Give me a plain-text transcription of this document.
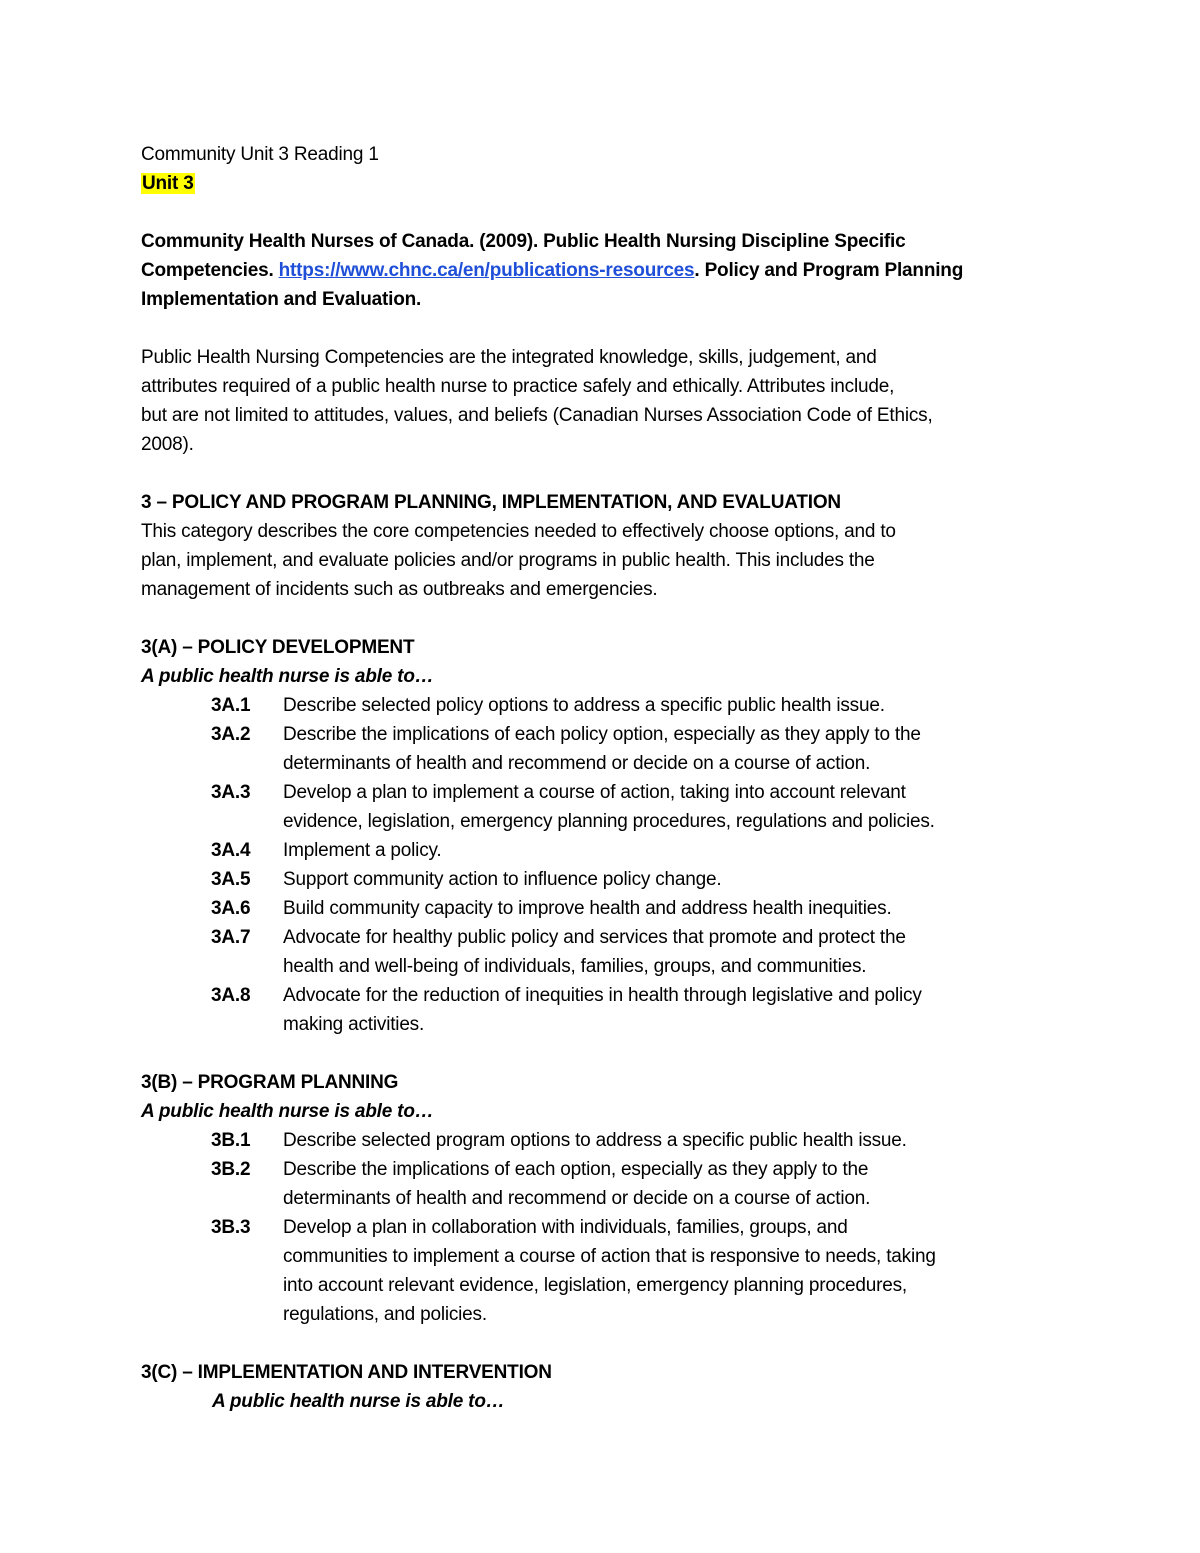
Community Unit 3 Reading 1
Unit 3
Community Health Nurses of Canada. (2009). Public Health Nursing Discipline Specific
Competencies. https://www.chnc.ca/en/publications-resources. Policy and Program Planning
Implementation and Evaluation.
Public Health Nursing Competencies are the integrated knowledge, skills, judgement, and
attributes required of a public health nurse to practice safely and ethically. Attributes include,
but are not limited to attitudes, values, and beliefs (Canadian Nurses Association Code of Ethics,
2008).
3 – POLICY AND PROGRAM PLANNING, IMPLEMENTATION, AND EVALUATION
This category describes the core competencies needed to effectively choose options, and to
plan, implement, and evaluate policies and/or programs in public health. This includes the
management of incidents such as outbreaks and emergencies.
3(A) – POLICY DEVELOPMENT
A public health nurse is able to…
3A.1	Describe selected policy options to address a specific public health issue.
3A.2	Describe the implications of each policy option, especially as they apply to the
determinants of health and recommend or decide on a course of action.
3A.3	Develop a plan to implement a course of action, taking into account relevant
evidence, legislation, emergency planning procedures, regulations and policies.
3A.4	Implement a policy.
3A.5	Support community action to influence policy change.
3A.6	Build community capacity to improve health and address health inequities.
3A.7	Advocate for healthy public policy and services that promote and protect the
health and well-being of individuals, families, groups, and communities.
3A.8	Advocate for the reduction of inequities in health through legislative and policy
making activities.
3(B) – PROGRAM PLANNING
A public health nurse is able to…
3B.1	Describe selected program options to address a specific public health issue.
3B.2	Describe the implications of each option, especially as they apply to the
determinants of health and recommend or decide on a course of action.
3B.3	Develop a plan in collaboration with individuals, families, groups, and
communities to implement a course of action that is responsive to needs, taking
into account relevant evidence, legislation, emergency planning procedures,
regulations, and policies.
3(C) – IMPLEMENTATION AND INTERVENTION
A public health nurse is able to…
